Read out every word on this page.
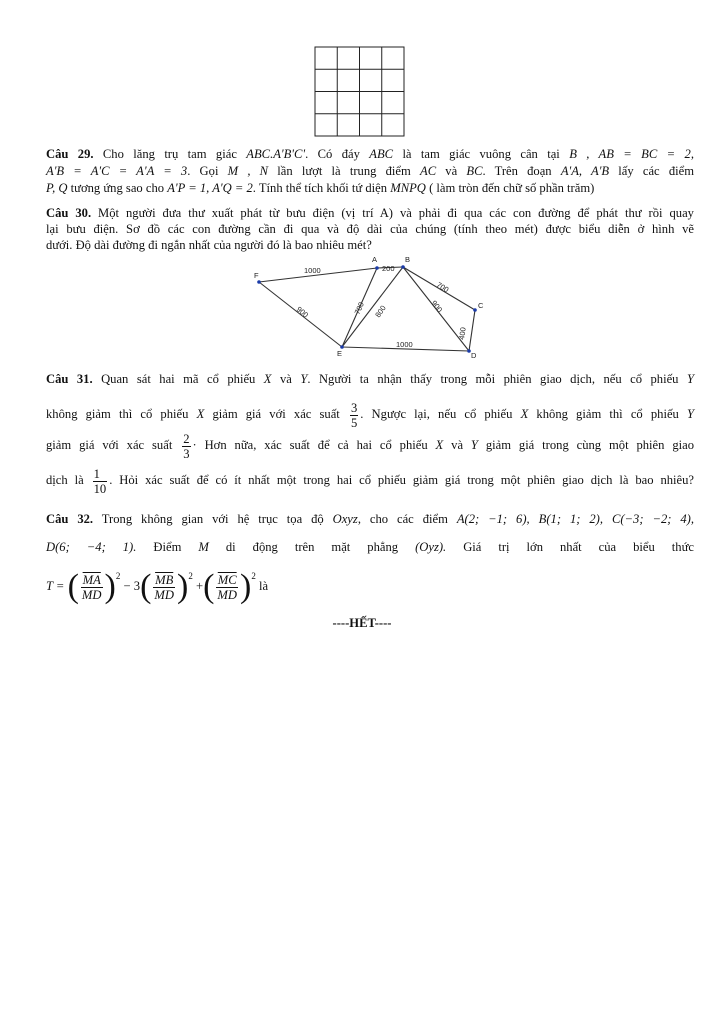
Câu 29. Cho lăng trụ tam giác ABC.A'B'C'. Có đáy ABC là tam giác vuông cân tại B , AB = BC = 2,
A'B = A'C = A'A = 3. Gọi M , N lần lượt là trung điểm AC và BC. Trên đoạn A'A, A'B lấy các điểm
P, Q tương ứng sao cho A'P = 1, A'Q = 2. Tính thể tích khối tứ diện MNPQ ( làm tròn đến chữ số phần trăm)
Câu 30. Một người đưa thư xuất phát từ bưu điện (vị trí A) và phải đi qua các con đường để phát thư rồi quay
lại bưu điện. Sơ đồ các con đường cần đi qua và độ dài của chúng (tính theo mét) được biểu diễn ở hình vẽ
dưới. Độ dài đường đi ngắn nhất của người đó là bao nhiêu mét?
F
A	B
C
D
E
1000	200
700
400
1000
900	700 800	900
Câu 31. Quan sát hai mã cổ phiếu X và Y. Người ta nhận thấy trong mỗi phiên giao dịch, nếu cổ phiếu Y
không giảm thì cổ phiếu X giảm giá với xác suất $\frac{3}{5}$ . Ngược lại, nếu cổ phiếu X không giảm thì cổ phiếu Y
giảm giá với xác suất $\frac{2}{3}$ · Hơn nữa, xác suất để cả hai cổ phiếu X và Y giảm giá trong cùng một phiên giao
dịch là $\frac{1}{10}$ . Hỏi xác suất để có ít nhất một trong hai cổ phiếu giảm giá trong một phiên giao dịch là bao nhiêu?
Câu 32. Trong không gian với hệ trục tọa độ Oxyz, cho các điểm A(2; −1; 6), B(1; 1; 2), C(−3; −2; 4),
D(6; −4; 1). Điểm M di động trên mặt phẳng (Oyz). Giá trị lớn nhất của biểu thức
T = ( $\frac{\overline{MA}}{MD} )^2 - 3( \frac{\overline{MB}}{MD} )^2$ +( $\frac{\overline{MC}}{MD} )^2$ là
----HẾT----
